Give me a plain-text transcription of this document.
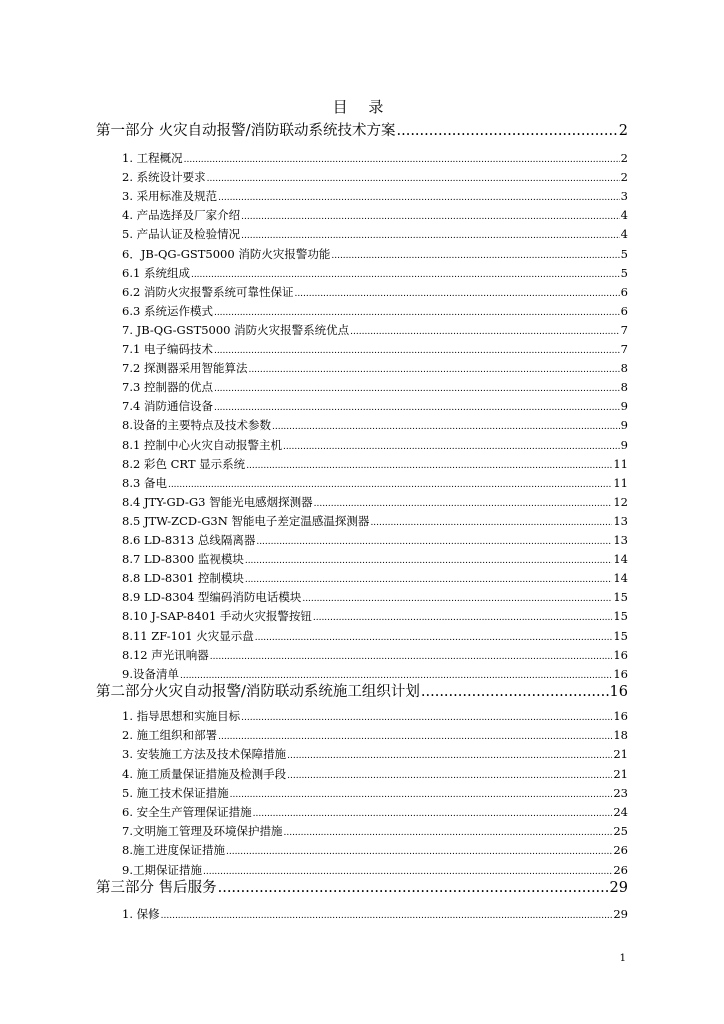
目 录
第一部分 火灾自动报警/消防联动系统技术方案 .....	2
1. 工程概况 .....	2
2. 系统设计要求 .....	2
3. 采用标准及规范 .....	3
4. 产品选择及厂家介绍 .....	4
5. 产品认证及检验情况 .....	4
6．JB-QG-GST5000 消防火灾报警功能 .....	5
6.1 系统组成 .....	5
6.2 消防火灾报警系统可靠性保证 .....	6
6.3 系统运作模式 .....	6
7. JB-QG-GST5000 消防火灾报警系统优点 .....	7
7.1 电子编码技术 .....	7
7.2 探测器采用智能算法 .....	8
7.3 控制器的优点 .....	8
7.4 消防通信设备 .....	9
8.设备的主要特点及技术参数 .....	9
8.1 控制中心火灾自动报警主机 .....	9
8.2 彩色 CRT 显示系统 .....	11
8.3 备电 .....	11
8.4 JTY-GD-G3 智能光电感烟探测器 .....	12
8.5 JTW-ZCD-G3N 智能电子差定温感温探测器 .....	13
8.6 LD-8313 总线隔离器 .....	13
8.7 LD-8300 监视模块 .....	14
8.8 LD-8301 控制模块 .....	14
8.9 LD-8304 型编码消防电话模块 .....	15
8.10 J-SAP-8401 手动火灾报警按钮 .....	15
8.11 ZF-101 火灾显示盘 .....	15
8.12 声光讯响器 .....	16
9.设备清单 .....	16
第二部分火灾自动报警/消防联动系统施工组织计划 .....	16
1. 指导思想和实施目标 .....	16
2. 施工组织和部署 .....	18
3. 安装施工方法及技术保障措施 .....	21
4. 施工质量保证措施及检测手段 .....	21
5. 施工技术保证措施 .....	23
6. 安全生产管理保证措施 .....	24
7.文明施工管理及环境保护措施 .....	25
8.施工进度保证措施 .....	26
9.工期保证措施 .....	26
第三部分 售后服务 .....	29
1. 保修 .....	29
1
